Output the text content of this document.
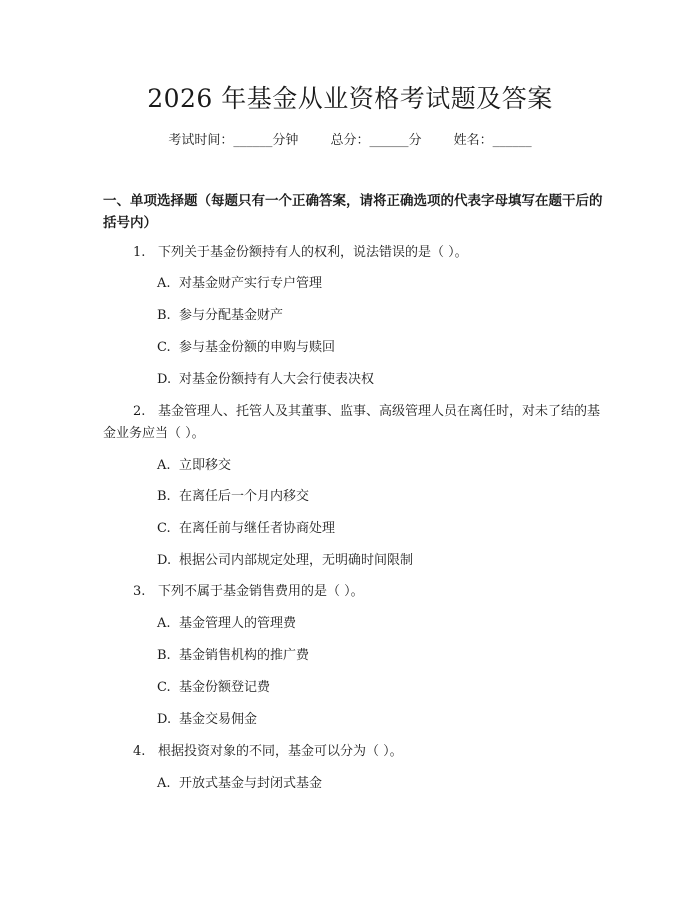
2026 年基金从业资格考试题及答案
考试时间：______分钟 总分：______分 姓名：______
一、单项选择题（每题只有一个正确答案，请将正确选项的代表字母填写在题干后的括号内）
1. 下列关于基金份额持有人的权利，说法错误的是（ ）。
A. 对基金财产实行专户管理
B. 参与分配基金财产
C. 参与基金份额的申购与赎回
D. 对基金份额持有人大会行使表决权
2. 基金管理人、托管人及其董事、监事、高级管理人员在离任时，对未了结的基金业务应当（ ）。
A. 立即移交
B. 在离任后一个月内移交
C. 在离任前与继任者协商处理
D. 根据公司内部规定处理，无明确时间限制
3. 下列不属于基金销售费用的是（ ）。
A. 基金管理人的管理费
B. 基金销售机构的推广费
C. 基金份额登记费
D. 基金交易佣金
4. 根据投资对象的不同，基金可以分为（ ）。
A. 开放式基金与封闭式基金
